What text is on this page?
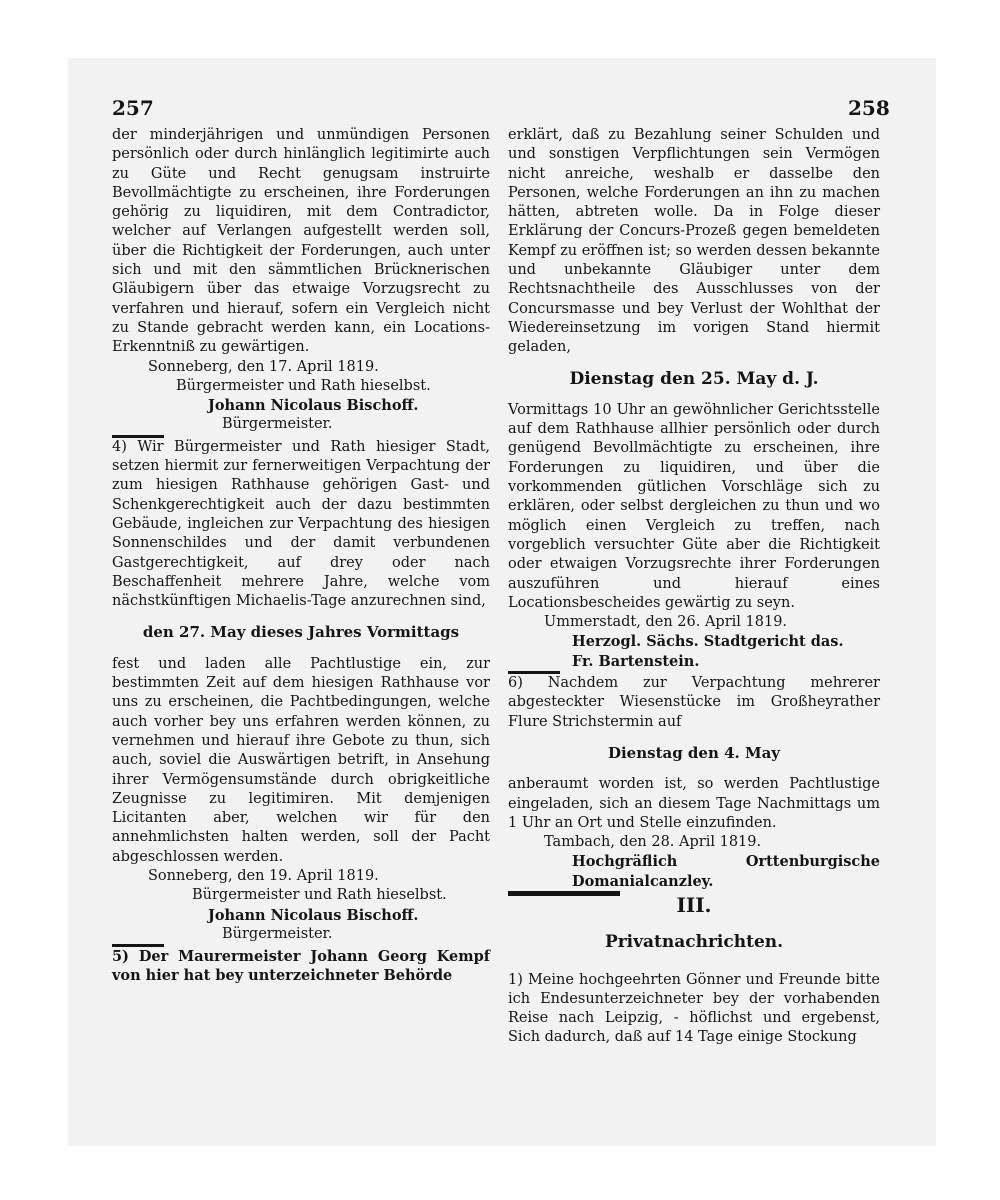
257	258

der minderjährigen und unmündigen Personen persönlich oder durch hinlänglich legitimirte auch zu Güte und Recht genugsam instruirte Bevollmächtigte zu erscheinen, ihre Forderungen gehörig zu liquidiren, mit dem Contradictor, welcher auf Verlangen aufgestellt werden soll, über die Richtigkeit der Forderungen, auch unter sich und mit den sämmtlichen Brücknerischen Gläubigern über das etwaige Vorzugsrecht zu verfahren und hierauf, sofern ein Vergleich nicht zu Stande gebracht werden kann, ein Locations-Erkenntniß zu gewärtigen.

Sonneberg, den 17. April 1819.
Bürgermeister und Rath hieselbst.
Johann Nicolaus Bischoff.
Bürgermeister.

4) Wir Bürgermeister und Rath hiesiger Stadt, setzen hiermit zur fernerweitigen Verpachtung der zum hiesigen Rathhause gehörigen Gast- und Schenkgerechtigkeit auch der dazu bestimmten Gebäude, ingleichen zur Verpachtung des hiesigen Sonnenschildes und der damit verbundenen Gastgerechtigkeit, auf drey oder nach Beschaffenheit mehrere Jahre, welche vom nächstkünftigen Michaelis-Tage anzurechnen sind,

den 27. May dieses Jahres Vormittags

fest und laden alle Pachtlustige ein, zur bestimmten Zeit auf dem hiesigen Rathhause vor uns zu erscheinen, die Pachtbedingungen, welche auch vorher bey uns erfahren werden können, zu vernehmen und hierauf ihre Gebote zu thun, sich auch, soviel die Auswärtigen betrift, in Ansehung ihrer Vermögensumstände durch obrigkeitliche Zeugnisse zu legitimiren. Mit demjenigen Licitanten aber, welchen wir für den annehmlichsten halten werden, soll der Pacht abgeschlossen werden.

Sonneberg, den 19. April 1819.
Bürgermeister und Rath hieselbst.
Johann Nicolaus Bischoff.
Bürgermeister.

5) Der Maurermeister Johann Georg Kempf von hier hat bey unterzeichneter Behörde

erklärt, daß zu Bezahlung seiner Schulden und und sonstigen Verpflichtungen sein Vermögen nicht anreiche, weshalb er dasselbe den Personen, welche Forderungen an ihn zu machen hätten, abtreten wolle. Da in Folge dieser Erklärung der Concurs-Prozeß gegen bemeldeten Kempf zu eröffnen ist; so werden dessen bekannte und unbekannte Gläubiger unter dem Rechtsnachtheile des Ausschlusses von der Concursmasse und bey Verlust der Wohlthat der Wiedereinsetzung im vorigen Stand hiermit geladen,

Dienstag den 25. May d. J.

Vormittags 10 Uhr an gewöhnlicher Gerichtsstelle auf dem Rathhause allhier persönlich oder durch genügend Bevollmächtigte zu erscheinen, ihre Forderungen zu liquidiren, und über die vorkommenden gütlichen Vorschläge sich zu erklären, oder selbst dergleichen zu thun und wo möglich einen Vergleich zu treffen, nach vorgeblich versuchter Güte aber die Richtigkeit oder etwaigen Vorzugsrechte ihrer Forderungen auszuführen und hierauf eines Locationsbescheides gewärtig zu seyn.

Ummerstadt, den 26. April 1819.
Herzogl. Sächs. Stadtgericht das.
Fr. Bartenstein.

6) Nachdem zur Verpachtung mehrerer abgesteckter Wiesenstücke im Großheyrather Flure Strichstermin auf

Dienstag den 4. May

anberaumt worden ist, so werden Pachtlustige eingeladen, sich an diesem Tage Nachmittags um 1 Uhr an Ort und Stelle einzufinden.

Tambach, den 28. April 1819.
Hochgräflich Orttenburgische Domanialcanzley.
III.
Privatnachrichten.

1) Meine hochgeehrten Gönner und Freunde bitte ich Endesunterzeichneter bey der vorhabenden Reise nach Leipzig, - höflichst und ergebenst, Sich dadurch, daß auf 14 Tage einige Stockung
